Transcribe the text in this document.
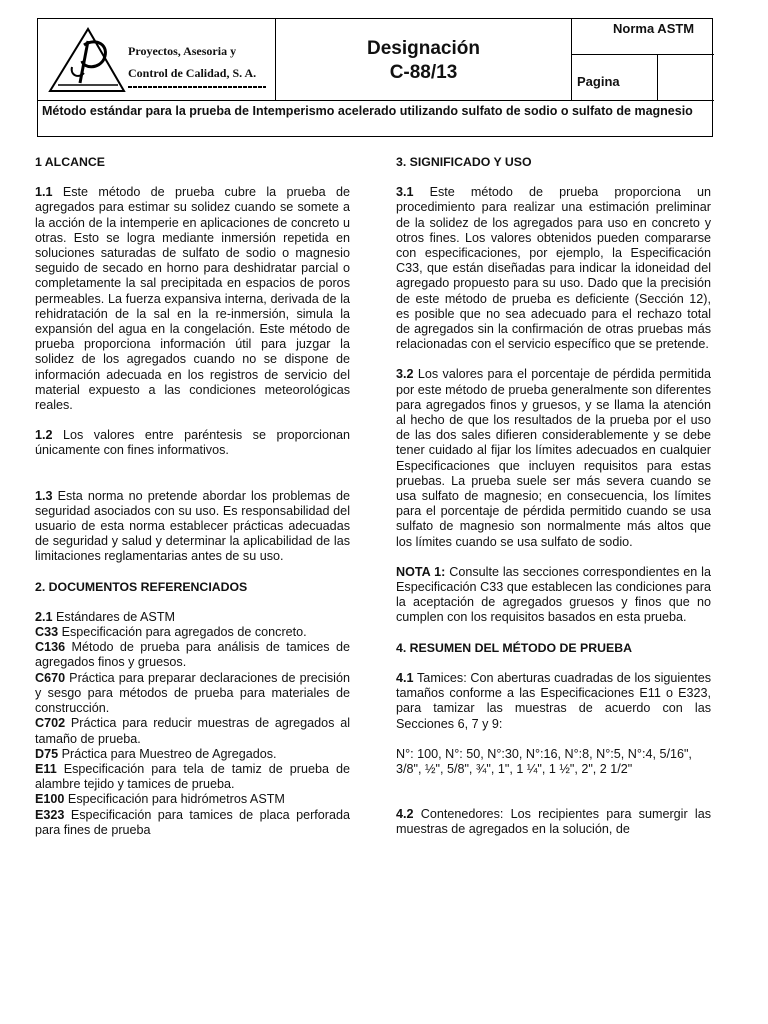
Proyectos, Asesoria y
Control de Calidad, S. A.
Designación
C-88/13
Norma ASTM
Pagina
Método estándar para la prueba de Intemperismo acelerado utilizando sulfato de sodio o sulfato de magnesio
1 ALCANCE
1.1 Este método de prueba cubre la prueba de agregados para estimar su solidez cuando se somete a la acción de la intemperie en aplicaciones de concreto u otras. Esto se logra mediante inmersión repetida en soluciones saturadas de sulfato de sodio o magnesio seguido de secado en horno para deshidratar parcial o completamente la sal precipitada en espacios de poros permeables. La fuerza expansiva interna, derivada de la rehidratación de la sal en la re-inmersión, simula la expansión del agua en la congelación. Este método de prueba proporciona información útil para juzgar la solidez de los agregados cuando no se dispone de información adecuada en los registros de servicio del material expuesto a las condiciones meteorológicas reales.
1.2 Los valores entre paréntesis se proporcionan únicamente con fines informativos.
1.3 Esta norma no pretende abordar los problemas de seguridad asociados con su uso. Es responsabilidad del usuario de esta norma establecer prácticas adecuadas de seguridad y salud y determinar la aplicabilidad de las limitaciones reglamentarias antes de su uso.
2. DOCUMENTOS REFERENCIADOS
2.1 Estándares de ASTM
C33 Especificación para agregados de concreto.
C136 Método de prueba para análisis de tamices de agregados finos y gruesos.
C670 Práctica para preparar declaraciones de precisión y sesgo para métodos de prueba para materiales de construcción.
C702 Práctica para reducir muestras de agregados al tamaño de prueba.
D75 Práctica para Muestreo de Agregados.
E11 Especificación para tela de tamiz de prueba de alambre tejido y tamices de prueba.
E100 Especificación para hidrómetros ASTM
E323 Especificación para tamices de placa perforada para fines de prueba
3. SIGNIFICADO Y USO
3.1 Este método de prueba proporciona un procedimiento para realizar una estimación preliminar de la solidez de los agregados para uso en concreto y otros fines. Los valores obtenidos pueden compararse con especificaciones, por ejemplo, la Especificación C33, que están diseñadas para indicar la idoneidad del agregado propuesto para su uso. Dado que la precisión de este método de prueba es deficiente (Sección 12), es posible que no sea adecuado para el rechazo total de agregados sin la confirmación de otras pruebas más relacionadas con el servicio específico que se pretende.
3.2 Los valores para el porcentaje de pérdida permitida por este método de prueba generalmente son diferentes para agregados finos y gruesos, y se llama la atención al hecho de que los resultados de la prueba por el uso de las dos sales difieren considerablemente y se debe tener cuidado al fijar los límites adecuados en cualquier Especificaciones que incluyen requisitos para estas pruebas. La prueba suele ser más severa cuando se usa sulfato de magnesio; en consecuencia, los límites para el porcentaje de pérdida permitido cuando se usa sulfato de magnesio son normalmente más altos que los límites cuando se usa sulfato de sodio.
NOTA 1: Consulte las secciones correspondientes en la Especificación C33 que establecen las condiciones para la aceptación de agregados gruesos y finos que no cumplen con los requisitos basados en esta prueba.
4. RESUMEN DEL MÉTODO DE PRUEBA
4.1 Tamices: Con aberturas cuadradas de los siguientes tamaños conforme a las Especificaciones E11 o E323, para tamizar las muestras de acuerdo con las Secciones 6, 7 y 9:
N°: 100, N°: 50, N°:30, N°:16, N°:8, N°:5, N°:4, 5/16", 3/8", ½", 5/8", ¾", 1", 1 ¼", 1 ½", 2", 2 1/2"
4.2 Contenedores: Los recipientes para sumergir las muestras de agregados en la solución, de
